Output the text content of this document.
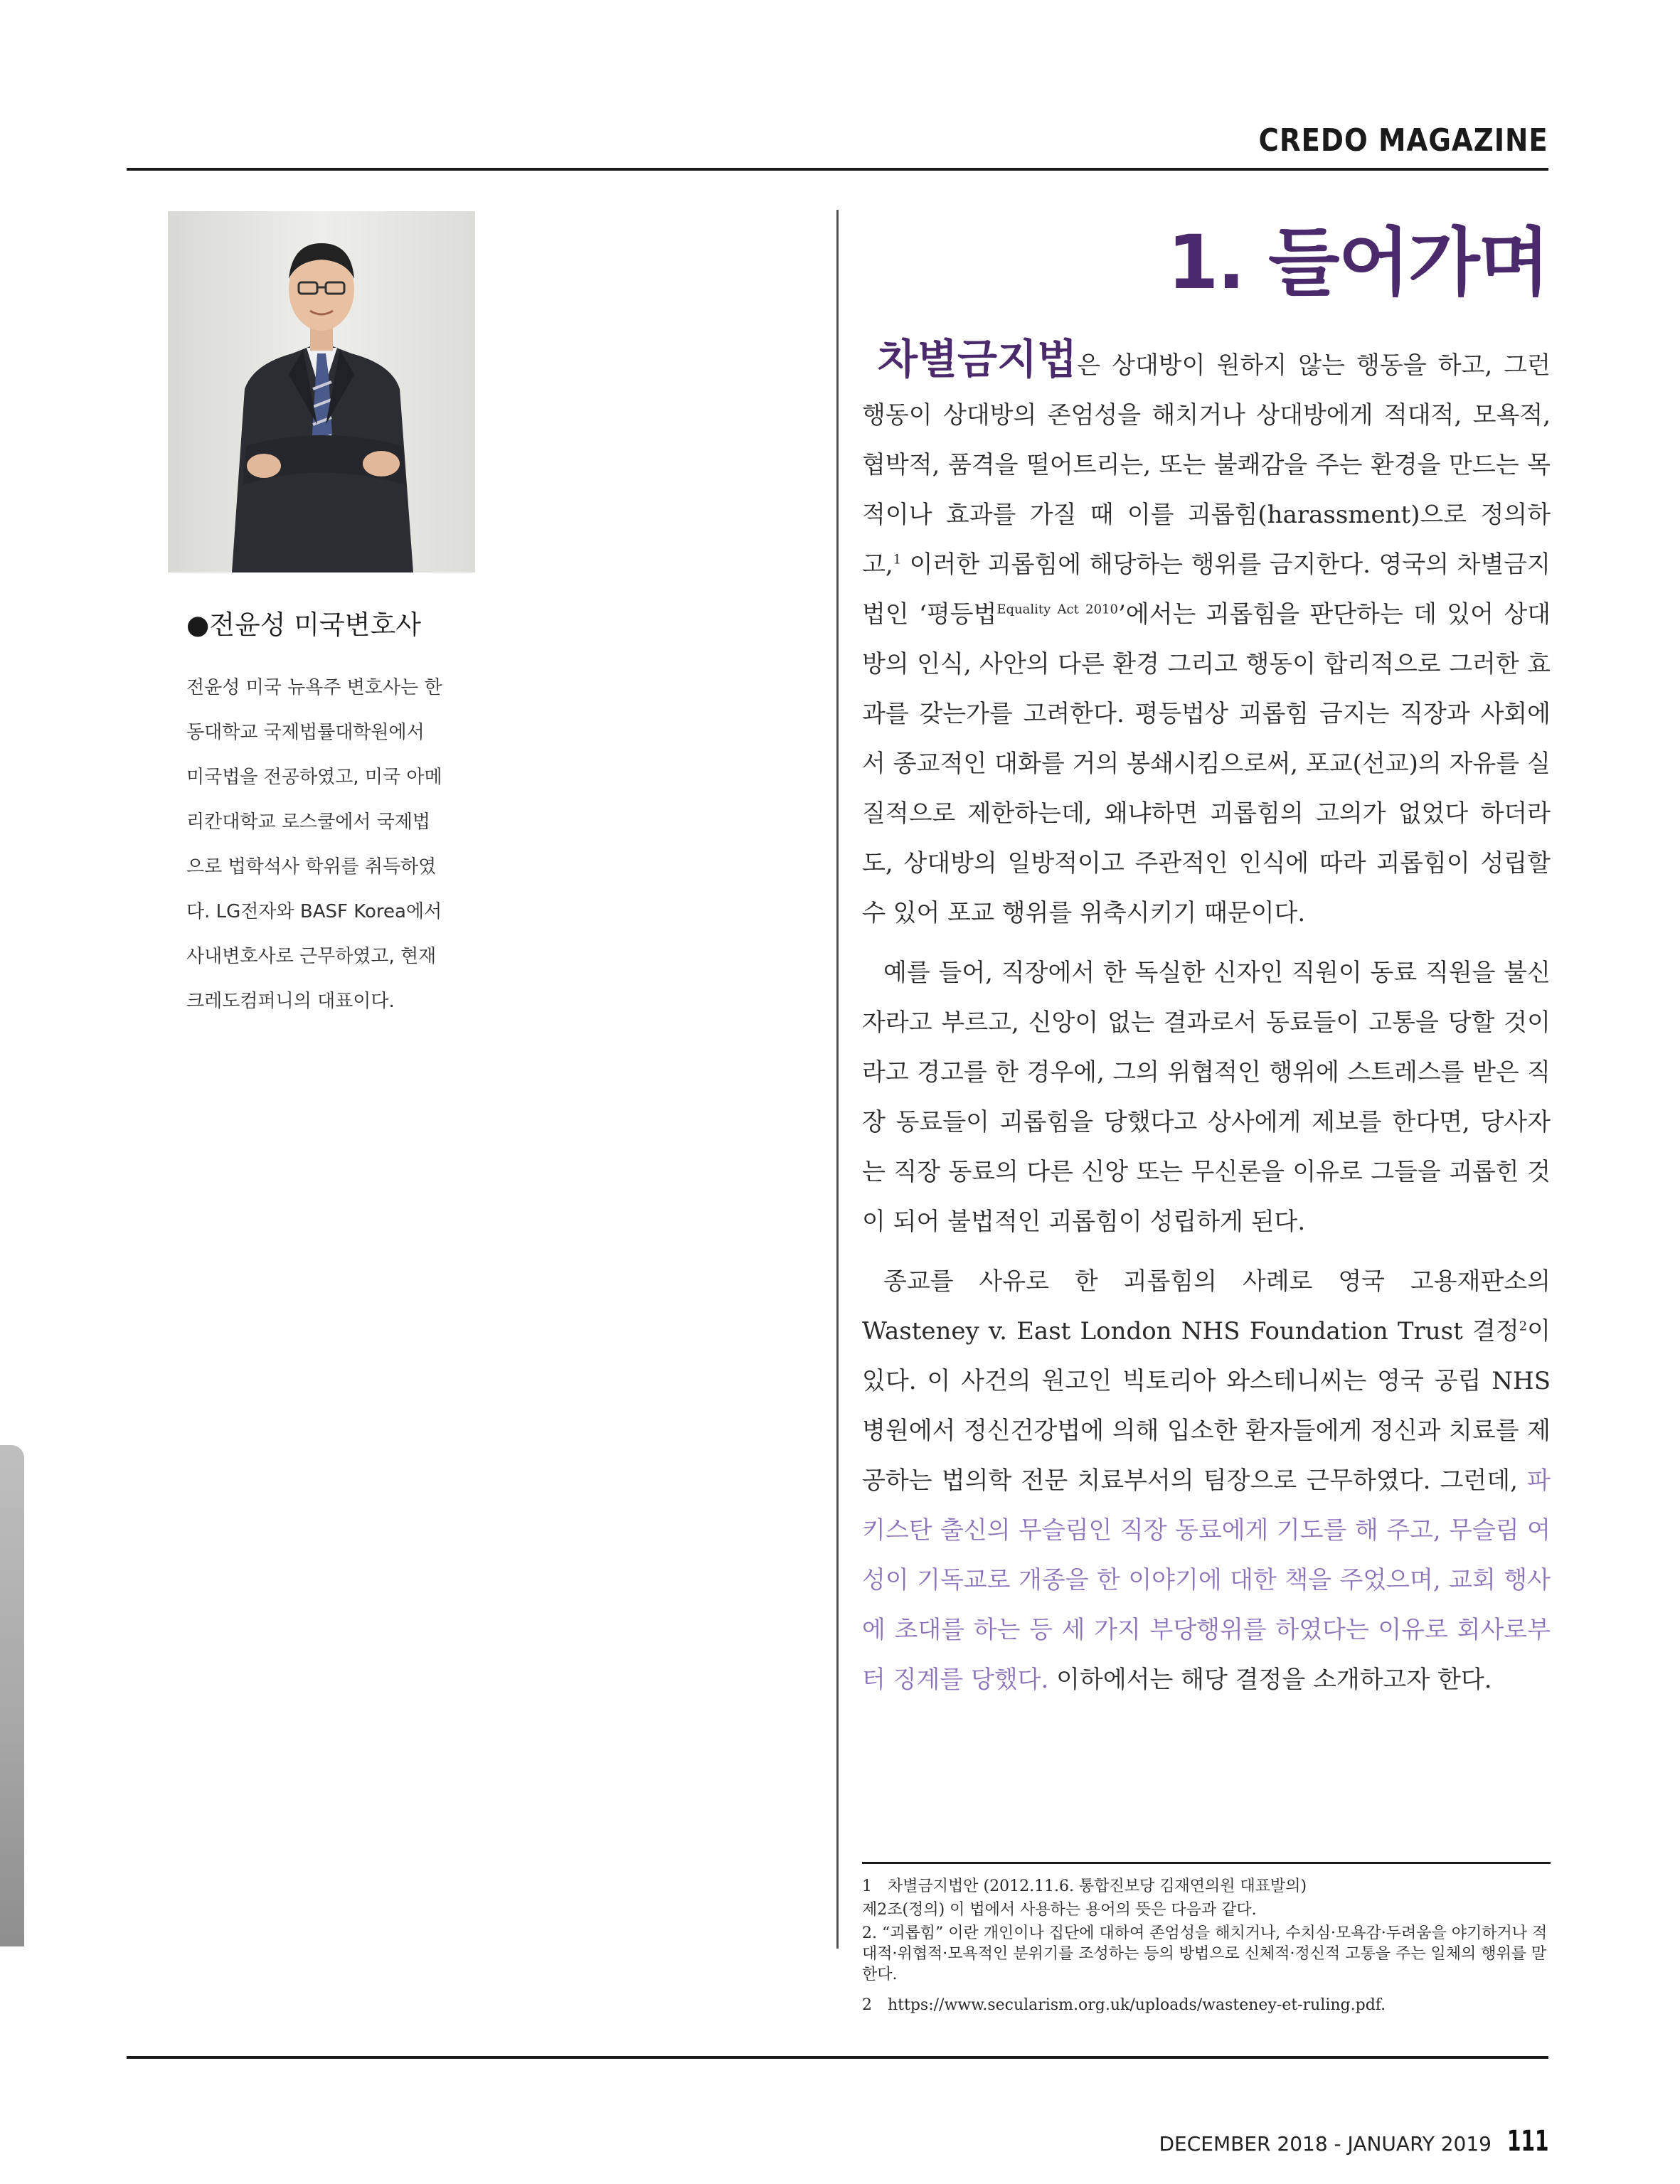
CREDO MAGAZINE
●전윤성 미국변호사
전윤성 미국 뉴욕주 변호사는 한
동대학교 국제법률대학원에서
미국법을 전공하였고, 미국 아메
리칸대학교 로스쿨에서 국제법
으로 법학석사 학위를 취득하였
다. LG전자와 BASF Korea에서
사내변호사로 근무하였고, 현재
크레도컴퍼니의 대표이다.
1. 들어가며

차별금지법은 상대방이 원하지 않는 행동을 하고, 그런 행동이 상대방의 존엄성을 해치거나 상대방에게 적대적, 모욕적, 협박적, 품격을 떨어트리는, 또는 불쾌감을 주는 환경을 만드는 목적이나 효과를 가질 때 이를 괴롭힘(harassment)으로 정의하고,$^1$ 이러한 괴롭힘에 해당하는 행위를 금지한다. 영국의 차별금지법인 ‘평등법$^{Equality Act 2010}$’에서는 괴롭힘을 판단하는 데 있어 상대방의 인식, 사안의 다른 환경 그리고 행동이 합리적으로 그러한 효과를 갖는가를 고려한다. 평등법상 괴롭힘 금지는 직장과 사회에서 종교적인 대화를 거의 봉쇄시킴으로써, 포교(선교)의 자유를 실질적으로 제한하는데, 왜냐하면 괴롭힘의 고의가 없었다 하더라도, 상대방의 일방적이고 주관적인 인식에 따라 괴롭힘이 성립할 수 있어 포교 행위를 위축시키기 때문이다.

예를 들어, 직장에서 한 독실한 신자인 직원이 동료 직원을 불신자라고 부르고, 신앙이 없는 결과로서 동료들이 고통을 당할 것이라고 경고를 한 경우에, 그의 위협적인 행위에 스트레스를 받은 직장 동료들이 괴롭힘을 당했다고 상사에게 제보를 한다면, 당사자는 직장 동료의 다른 신앙 또는 무신론을 이유로 그들을 괴롭힌 것이 되어 불법적인 괴롭힘이 성립하게 된다.

종교를 사유로 한 괴롭힘의 사례로 영국 고용재판소의 Wasteney v. East London NHS Foundation Trust 결정$^2$이 있다. 이 사건의 원고인 빅토리아 와스테니씨는 영국 공립 NHS 병원에서 정신건강법에 의해 입소한 환자들에게 정신과 치료를 제공하는 법의학 전문 치료부서의 팀장으로 근무하였다. 그런데, 파키스탄 출신의 무슬림인 직장 동료에게 기도를 해 주고, 무슬림 여성이 기독교로 개종을 한 이야기에 대한 책을 주었으며, 교회 행사에 초대를 하는 등 세 가지 부당행위를 하였다는 이유로 회사로부터 징계를 당했다. 이하에서는 해당 결정을 소개하고자 한다.

1　차별금지법안 (2012.11.6. 통합진보당 김재연의원 대표발의)
제2조(정의) 이 법에서 사용하는 용어의 뜻은 다음과 같다.
2. “괴롭힘” 이란 개인이나 집단에 대하여 존엄성을 해치거나, 수치심·모욕감·두려움을 야기하거나 적대적·위협적·모욕적인 분위기를 조성하는 등의 방법으로 신체적·정신적 고통을 주는 일체의 행위를 말한다.
2　https://www.secularism.org.uk/uploads/wasteney-et-ruling.pdf.
DECEMBER 2018 - JANUARY 2019 111
